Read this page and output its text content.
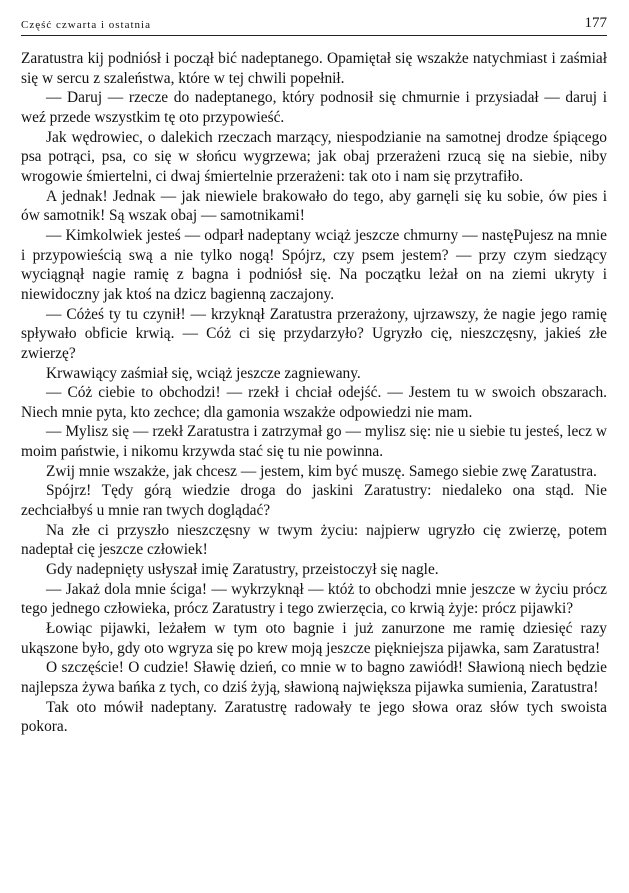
Część czwarta i ostatnia	177

Zaratustra kij podniósł i począł bić nadeptanego. Opamiętał się wszakże natychmiast i zaśmiał się w sercu z szaleństwa, które w tej chwili popełnił.

— Daruj — rzecze do nadeptanego, który podnosił się chmurnie i przysiadał — daruj i weź przede wszystkim tę oto przypowieść.

Jak wędrowiec, o dalekich rzeczach marzący, niespodzianie na samotnej drodze śpiącego psa potrąci, psa, co się w słońcu wygrzewa; jak obaj przerażeni rzucą się na siebie, niby wrogowie śmiertelni, ci dwaj śmiertelnie przerażeni: tak oto i nam się przytrafiło.

A jednak! Jednak — jak niewiele brakowało do tego, aby garnęli się ku sobie, ów pies i ów samotnik! Są wszak obaj — samotnikami!

— Kimkolwiek jesteś — odparł nadeptany wciąż jeszcze chmurny — nastęPujesz na mnie i przypowieścią swą a nie tylko nogą! Spójrz, czy psem jestem? — przy czym siedzący wyciągnął nagie ramię z bagna i podniósł się. Na początku leżał on na ziemi ukryty i niewidoczny jak ktoś na dzicz bagienną zaczajony.

— Cóżeś ty tu czynił! — krzyknął Zaratustra przerażony, ujrzawszy, że nagie jego ramię spływało obficie krwią. — Cóż ci się przydarzyło? Ugryzło cię, nieszczęsny, jakieś złe zwierzę?

Krwawiący zaśmiał się, wciąż jeszcze zagniewany.

— Cóż ciebie to obchodzi! — rzekł i chciał odejść. — Jestem tu w swoich obszarach. Niech mnie pyta, kto zechce; dla gamonia wszakże odpowiedzi nie mam.

— Mylisz się — rzekł Zaratustra i zatrzymał go — mylisz się: nie u siebie tu jesteś, lecz w moim państwie, i nikomu krzywda stać się tu nie powinna.

Zwij mnie wszakże, jak chcesz — jestem, kim być muszę. Samego siebie zwę Zaratustra.

Spójrz! Tędy górą wiedzie droga do jaskini Zaratustry: niedaleko ona stąd. Nie zechciałbyś u mnie ran twych doglądać?

Na złe ci przyszło nieszczęsny w twym życiu: najpierw ugryzło cię zwierzę, potem nadeptał cię jeszcze człowiek!

Gdy nadepnięty usłyszał imię Zaratustry, przeistoczył się nagle.

— Jakaż dola mnie ściga! — wykrzyknął — któż to obchodzi mnie jeszcze w życiu prócz tego jednego człowieka, prócz Zaratustry i tego zwierzęcia, co krwią żyje: prócz pijawki?

Łowiąc pijawki, leżałem w tym oto bagnie i już zanurzone me ramię dziesięć razy ukąszone było, gdy oto wgryza się po krew moją jeszcze piękniejsza pijawka, sam Zaratustra!

O szczęście! O cudzie! Sławię dzień, co mnie w to bagno zawiódł! Sławioną niech będzie najlepsza żywa bańka z tych, co dziś żyją, sławioną największa pijawka sumienia, Zaratustra!

Tak oto mówił nadeptany. Zaratustrę radowały te jego słowa oraz słów tych swoista pokora.
